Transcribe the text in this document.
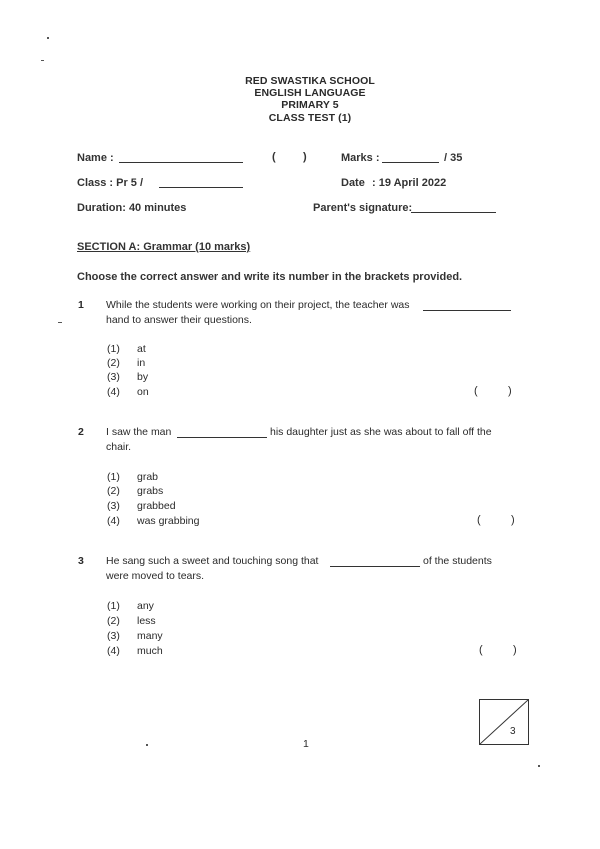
RED SWASTIKA SCHOOL
ENGLISH LANGUAGE
PRIMARY 5
CLASS TEST (1)
Name :	( )	Marks :	/ 35
Class : Pr 5 /	Date : 19 April 2022
Duration: 40 minutes	Parent's signature:
SECTION A: Grammar (10 marks)
Choose the correct answer and write its number in the brackets provided.
1 While the students were working on their project, the teacher was
hand to answer their questions.
(1) at
(2) in
(3) by
(4) on	(	)
2 I saw the man	his daughter just as she was about to fall off the
chair.
(1) grab
(2) grabs
(3) grabbed
(4) was grabbing	(	)
3 He sang such a sweet and touching song that	of the students
were moved to tears.
(1) any
(2) less
(3) many
(4) much	(	)
1
3
